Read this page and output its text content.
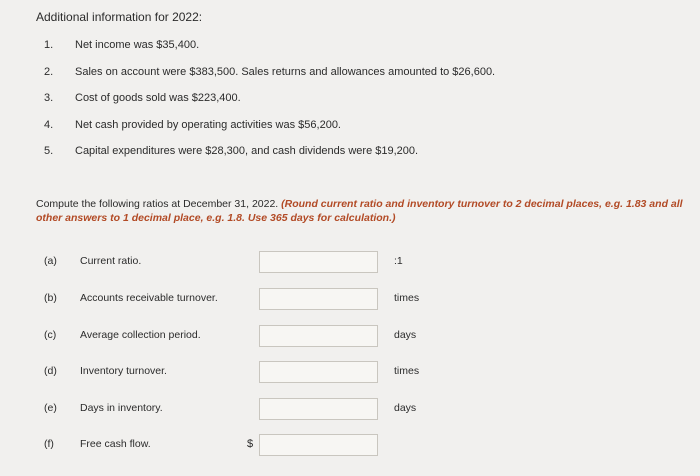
Additional information for 2022:
1.	Net income was $35,400.
2.	Sales on account were $383,500. Sales returns and allowances amounted to $26,600.
3.	Cost of goods sold was $223,400.
4.	Net cash provided by operating activities was $56,200.
5.	Capital expenditures were $28,300, and cash dividends were $19,200.
Compute the following ratios at December 31, 2022. (Round current ratio and inventory turnover to 2 decimal places, e.g. 1.83 and all other answers to 1 decimal place, e.g. 1.8. Use 365 days for calculation.)
(a) Current ratio.	:1
(b) Accounts receivable turnover.	times
(c) Average collection period.	days
(d) Inventory turnover.	times
(e) Days in inventory.	days
(f) Free cash flow.	$
